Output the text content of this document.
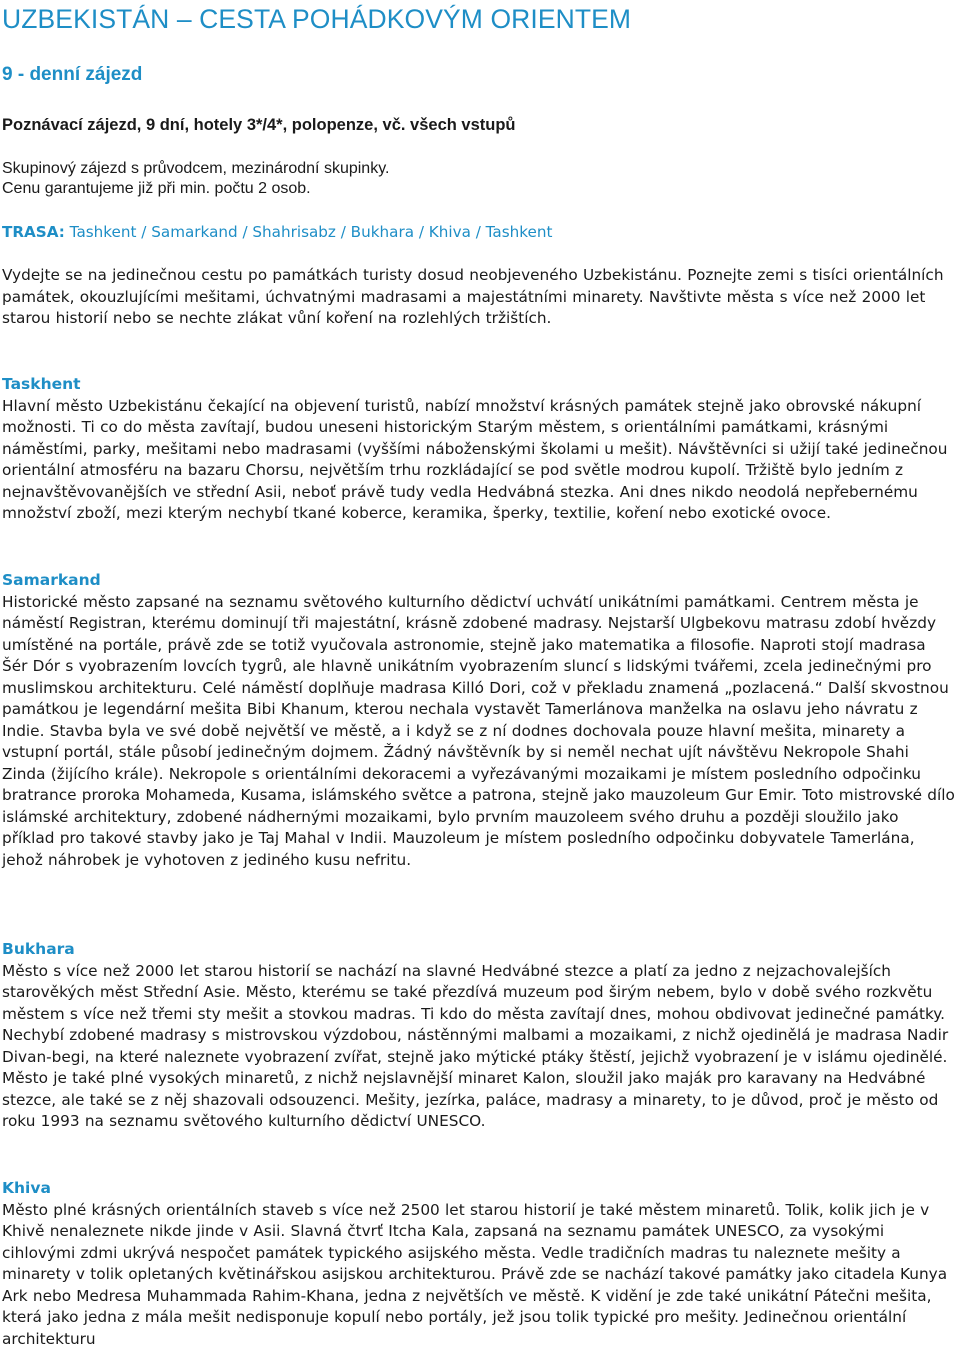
UZBEKISTÁN – CESTA POHÁDKOVÝM ORIENTEM
9 - denní zájezd
Poznávací zájezd, 9 dní, hotely 3*/4*, polopenze, vč. všech vstupů
Skupinový zájezd s průvodcem, mezinárodní skupinky.
Cenu garantujeme již při min. počtu 2 osob.
TRASA: Tashkent / Samarkand / Shahrisabz / Bukhara / Khiva / Tashkent

Vydejte se na jedinečnou cestu po památkách turisty dosud neobjeveného Uzbekistánu. Poznejte zemi s tisíci orientálních památek, okouzlujícími mešitami, úchvatnými madrasami a majestátními minarety. Navštivte města s více než 2000 let starou historií nebo se nechte zlákat vůní koření na rozlehlých tržištích.

Taskhent

Hlavní město Uzbekistánu čekající na objevení turistů, nabízí množství krásných památek stejně jako obrovské nákupní možnosti. Ti co do města zavítají, budou uneseni historickým Starým městem, s orientálními památkami, krásnými náměstími, parky, mešitami nebo madrasami (vyššími náboženskými školami u mešit). Návštěvníci si užijí také jedinečnou orientální atmosféru na bazaru Chorsu, největším trhu rozkládající se pod světle modrou kupolí. Tržiště bylo jedním z nejnavštěvovanějších ve střední Asii, neboť právě tudy vedla Hedvábná stezka. Ani dnes nikdo neodolá nepřebernému množství zboží, mezi kterým nechybí tkané koberce, keramika, šperky, textilie, koření nebo exotické ovoce.

Samarkand

Historické město zapsané na seznamu světového kulturního dědictví uchvátí unikátními památkami. Centrem města je náměstí Registran, kterému dominují tři majestátní, krásně zdobené madrasy. Nejstarší Ulgbekovu matrasu zdobí hvězdy umístěné na portále, právě zde se totiž vyučovala astronomie, stejně jako matematika a filosofie. Naproti stojí madrasa Šér Dór s vyobrazením lovcích tygrů, ale hlavně unikátním vyobrazením sluncí s lidskými tvářemi, zcela jedinečnými pro muslimskou architekturu. Celé náměstí doplňuje madrasa Killó Dori, což v překladu znamená „pozlacená.“ Další skvostnou památkou je legendární mešita Bibi Khanum, kterou nechala vystavět Tamerlánova manželka na oslavu jeho návratu z Indie. Stavba byla ve své době největší ve městě, a i když se z ní dodnes dochovala pouze hlavní mešita, minarety a vstupní portál, stále působí jedinečným dojmem. Žádný návštěvník by si neměl nechat ujít návštěvu Nekropole Shahi Zinda (žijícího krále). Nekropole s orientálními dekoracemi a vyřezávanými mozaikami je místem posledního odpočinku bratrance proroka Mohameda, Kusama, islámského světce a patrona, stejně jako mauzoleum Gur Emir. Toto mistrovské dílo islámské architektury, zdobené nádhernými mozaikami, bylo prvním mauzoleem svého druhu a později sloužilo jako příklad pro takové stavby jako je Taj Mahal v Indii. Mauzoleum je místem posledního odpočinku dobyvatele Tamerlána, jehož náhrobek je vyhotoven z jediného kusu nefritu.

Bukhara

Město s více než 2000 let starou historií se nachází na slavné Hedvábné stezce a platí za jedno z nejzachovalejších starověkých měst Střední Asie. Město, kterému se také přezdívá muzeum pod širým nebem, bylo v době svého rozkvětu městem s více než třemi sty mešit a stovkou madras. Ti kdo do města zavítají dnes, mohou obdivovat jedinečné památky. Nechybí zdobené madrasy s mistrovskou výzdobou, nástěnnými malbami a mozaikami, z nichž ojedinělá je madrasa Nadir Divan-begi, na které naleznete vyobrazení zvířat, stejně jako mýtické ptáky štěstí, jejichž vyobrazení je v islámu ojedinělé. Město je také plné vysokých minaretů, z nichž nejslavnější minaret Kalon, sloužil jako maják pro karavany na Hedvábné stezce, ale také se z něj shazovali odsouzenci. Mešity, jezírka, paláce, madrasy a minarety, to je důvod, proč je město od roku 1993 na seznamu světového kulturního dědictví UNESCO.

Khiva

Město plné krásných orientálních staveb s více než 2500 let starou historií je také městem minaretů. Tolik, kolik jich je v Khivě nenaleznete nikde jinde v Asii. Slavná čtvrť Itcha Kala, zapsaná na seznamu památek UNESCO, za vysokými cihlovými zdmi ukrývá nespočet památek typického asijského města. Vedle tradičních madras tu naleznete mešity a minarety v tolik opletaných květinářskou asijskou architekturou. Právě zde se nachází takové památky jako citadela Kunya Ark nebo Medresa Muhammada Rahim-Khana, jedna z největších ve městě. K vidění je zde také unikátní Pátečni mešita, která jako jedna z mála mešit nedisponuje kopulí nebo portály, jež jsou tolik typické pro mešity. Jedinečnou orientální architekturu
